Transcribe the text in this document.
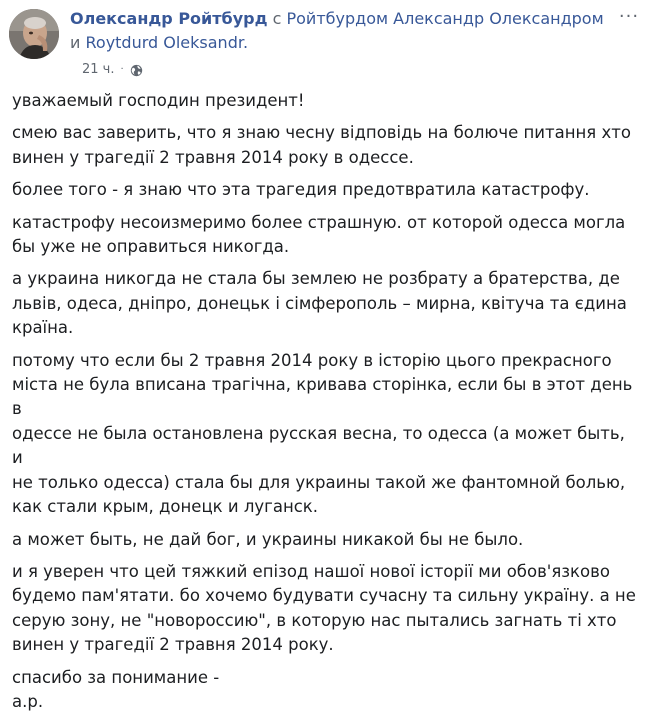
Олександр Ройтбурд с Ройтбурдом Александр Олександром и Roytdurd Oleksandr.
21 ч. ·
···

уважаемый господин президент!

смею вас заверить, что я знаю чесну відповідь на болюче питання хто
винен у трагедії 2 травня 2014 року в одессе.

более того - я знаю что эта трагедия предотвратила катастрофу.

катастрофу несоизмеримо более страшную. от которой одесса могла
бы уже не оправиться никогда.

а украина никогда не стала бы землею не розбрату а братерства, де
львів, одеса, дніпро, донецьк і сімферополь – мирна, квітуча та єдина
країна.

потому что если бы 2 травня 2014 року в історію цього прекрасного
міста не була вписана трагічна, кривава сторінка, если бы в этот день в
одессе не была остановлена русская весна, то одесса (а может быть, и
не только одесса) стала бы для украины такой же фантомной болью,
как стали крым, донецк и луганск.

а может быть, не дай бог, и украины никакой бы не было.

и я уверен что цей тяжкий епізод нашої нової історії ми обов'язково
будемо пам'ятати. бо хочемо будувати сучасну та сильну україну. а не
серую зону, не "новороссию", в которую нас пытались загнать ті хто
винен у трагедії 2 травня 2014 року.

спасибо за понимание -
а.р.
